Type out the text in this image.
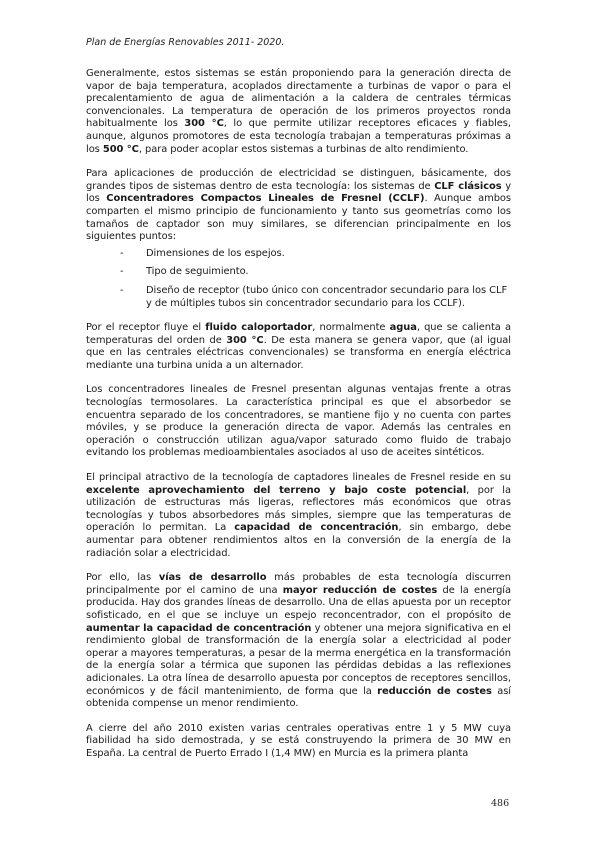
Plan de Energías Renovables 2011- 2020.

Generalmente, estos sistemas se están proponiendo para la generación directa de vapor de baja temperatura, acoplados directamente a turbinas de vapor o para el precalentamiento de agua de alimentación a la caldera de centrales térmicas convencionales. La temperatura de operación de los primeros proyectos ronda habitualmente los 300 °C, lo que permite utilizar receptores eficaces y fiables, aunque, algunos promotores de esta tecnología trabajan a temperaturas próximas a los 500 °C, para poder acoplar estos sistemas a turbinas de alto rendimiento.

Para aplicaciones de producción de electricidad se distinguen, básicamente, dos grandes tipos de sistemas dentro de esta tecnología: los sistemas de CLF clásicos y los Concentradores Compactos Lineales de Fresnel (CCLF). Aunque ambos comparten el mismo principio de funcionamiento y tanto sus geometrías como los tamaños de captador son muy similares, se diferencian principalmente en los siguientes puntos:

- Dimensiones de los espejos.
- Tipo de seguimiento.
- Diseño de receptor (tubo único con concentrador secundario para los CLF y de múltiples tubos sin concentrador secundario para los CCLF).

Por el receptor fluye el fluido caloportador, normalmente agua, que se calienta a temperaturas del orden de 300 °C. De esta manera se genera vapor, que (al igual que en las centrales eléctricas convencionales) se transforma en energía eléctrica mediante una turbina unida a un alternador.

Los concentradores lineales de Fresnel presentan algunas ventajas frente a otras tecnologías termosolares. La característica principal es que el absorbedor se encuentra separado de los concentradores, se mantiene fijo y no cuenta con partes móviles, y se produce la generación directa de vapor. Además las centrales en operación o construcción utilizan agua/vapor saturado como fluido de trabajo evitando los problemas medioambientales asociados al uso de aceites sintéticos.

El principal atractivo de la tecnología de captadores lineales de Fresnel reside en su excelente aprovechamiento del terreno y bajo coste potencial, por la utilización de estructuras más ligeras, reflectores más económicos que otras tecnologías y tubos absorbedores más simples, siempre que las temperaturas de operación lo permitan. La capacidad de concentración, sin embargo, debe aumentar para obtener rendimientos altos en la conversión de la energía de la radiación solar a electricidad.

Por ello, las vías de desarrollo más probables de esta tecnología discurren principalmente por el camino de una mayor reducción de costes de la energía producida. Hay dos grandes líneas de desarrollo. Una de ellas apuesta por un receptor sofisticado, en el que se incluye un espejo reconcentrador, con el propósito de aumentar la capacidad de concentración y obtener una mejora significativa en el rendimiento global de transformación de la energía solar a electricidad al poder operar a mayores temperaturas, a pesar de la merma energética en la transformación de la energía solar a térmica que suponen las pérdidas debidas a las reflexiones adicionales. La otra línea de desarrollo apuesta por conceptos de receptores sencillos, económicos y de fácil mantenimiento, de forma que la reducción de costes así obtenida compense un menor rendimiento.

A cierre del año 2010 existen varias centrales operativas entre 1 y 5 MW cuya fiabilidad ha sido demostrada, y se está construyendo la primera de 30 MW en España. La central de Puerto Errado I (1,4 MW) en Murcia es la primera planta

486
